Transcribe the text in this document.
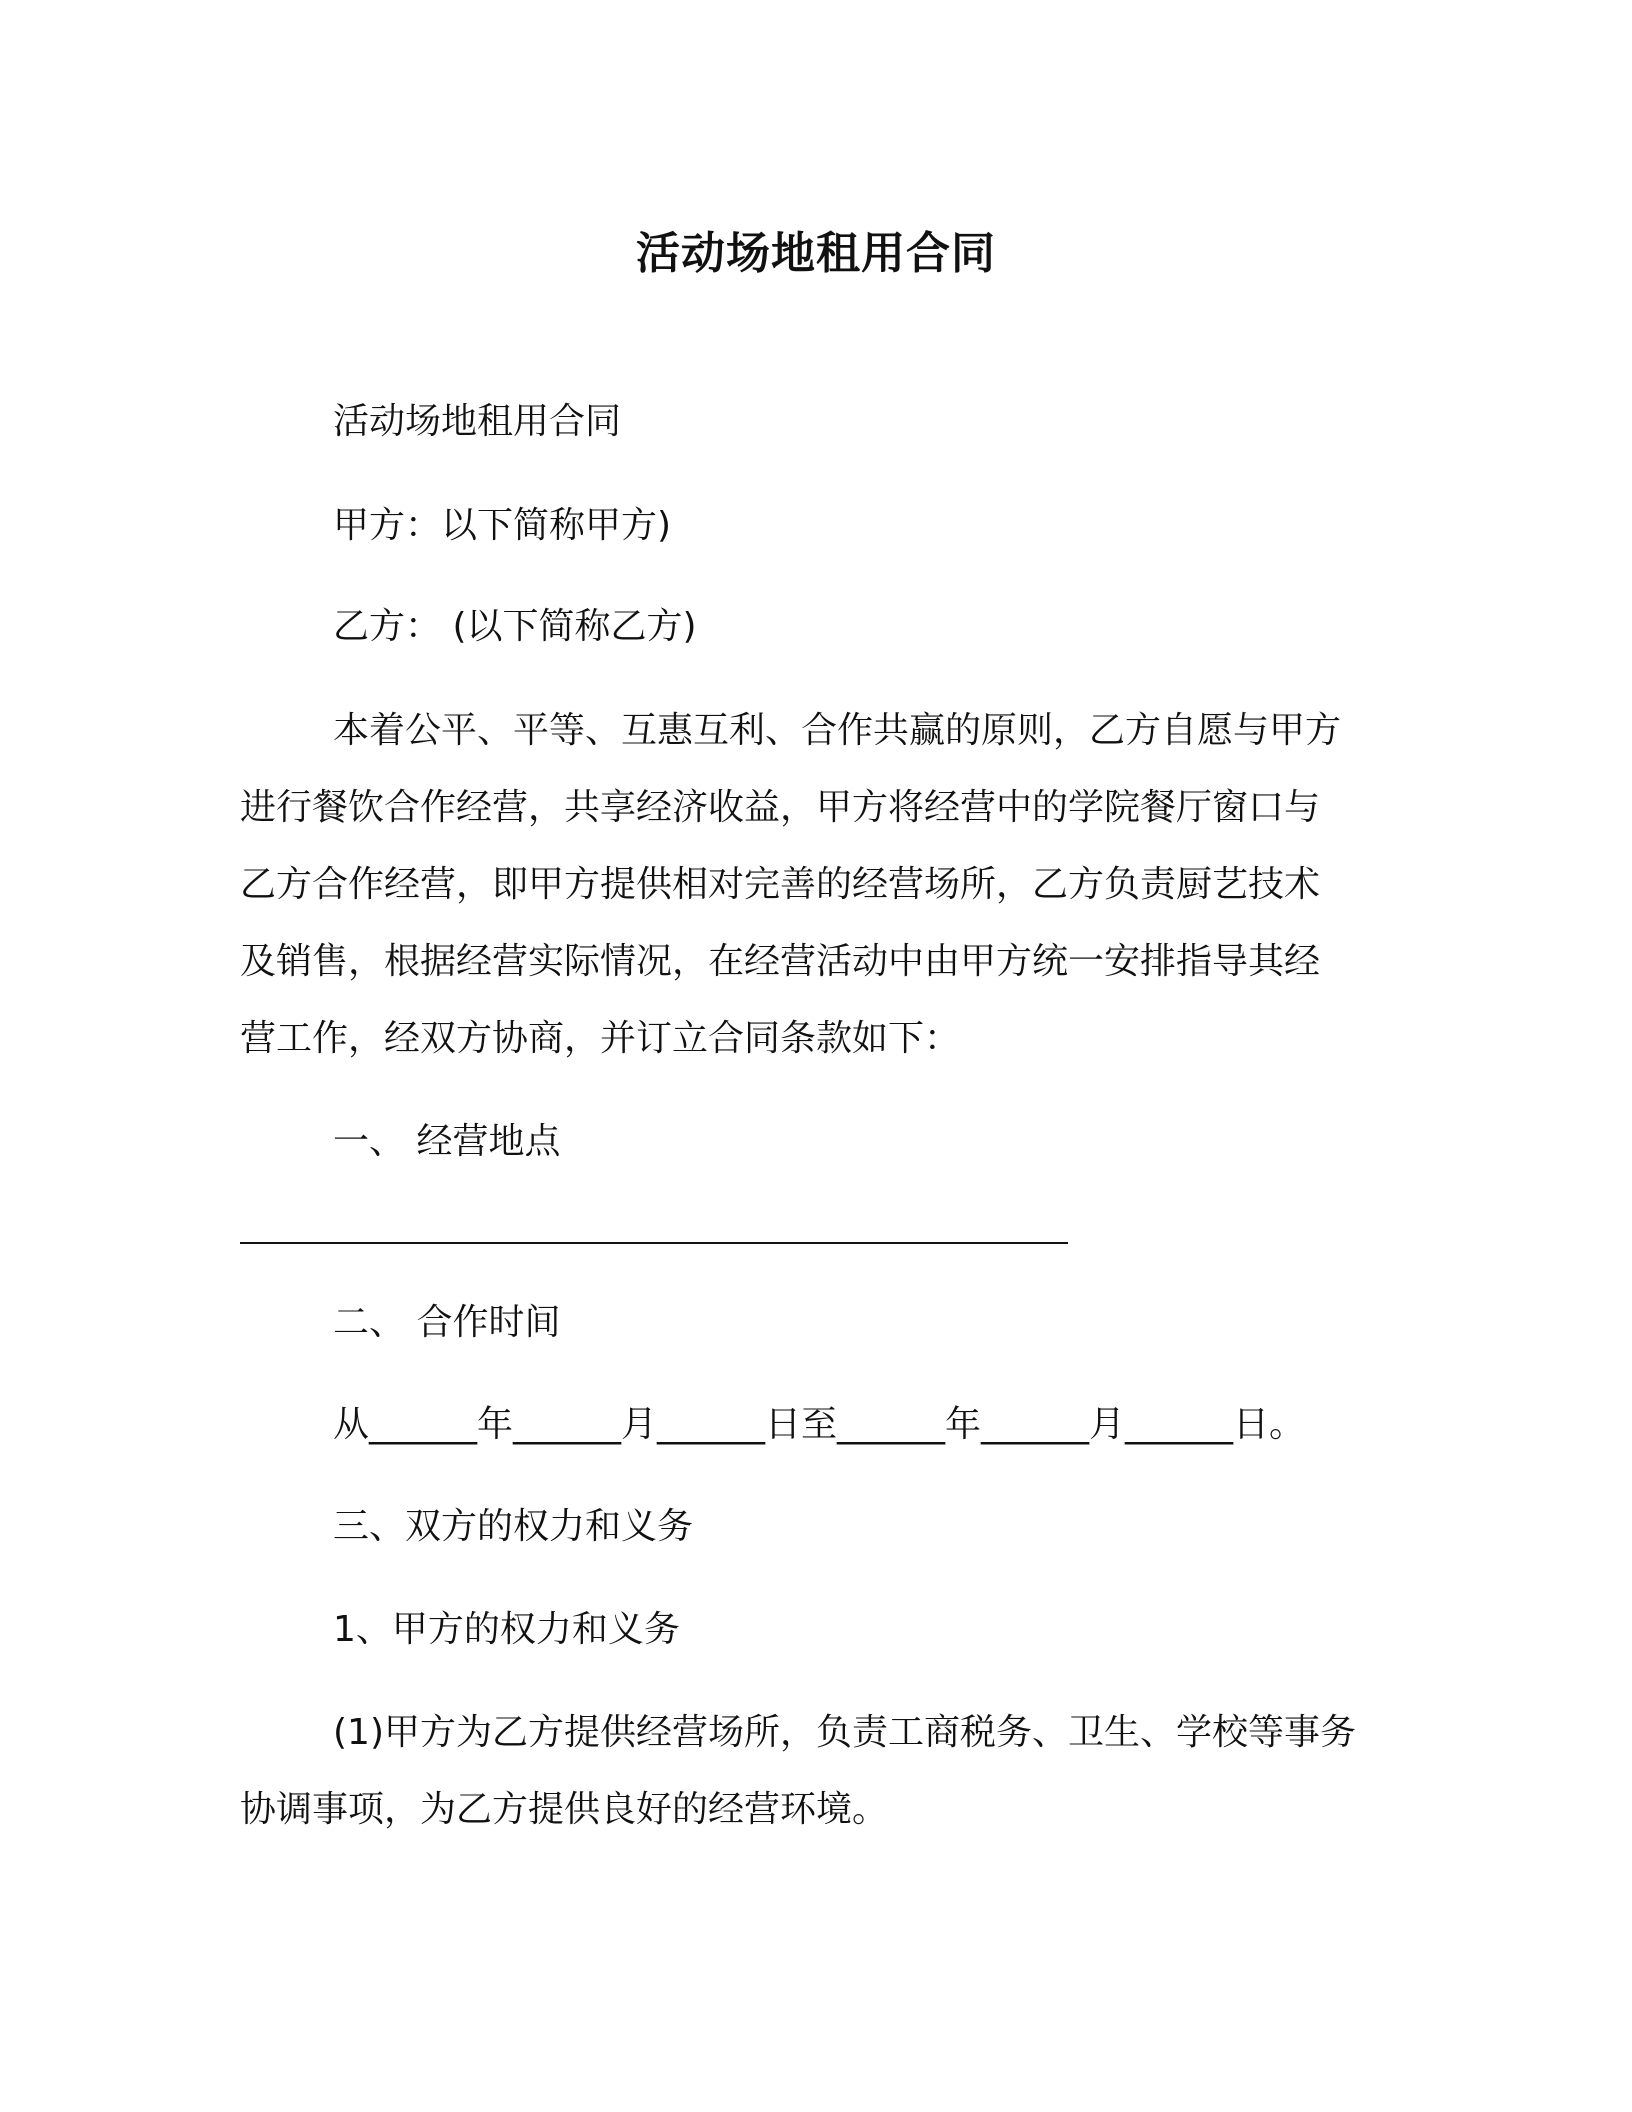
活动场地租用合同
活动场地租用合同
甲方：以下简称甲方)
乙方： (以下简称乙方)
本着公平、平等、互惠互利、合作共赢的原则，乙方自愿与甲方
进行餐饮合作经营，共享经济收益，甲方将经营中的学院餐厅窗口与
乙方合作经营，即甲方提供相对完善的经营场所，乙方负责厨艺技术
及销售，根据经营实际情况，在经营活动中由甲方统一安排指导其经
营工作，经双方协商，并订立合同条款如下：
一、 经营地点
二、 合作时间
从______年______月______日至______年______月______日。
三、双方的权力和义务
1、甲方的权力和义务
(1)甲方为乙方提供经营场所，负责工商税务、卫生、学校等事务
协调事项，为乙方提供良好的经营环境。
